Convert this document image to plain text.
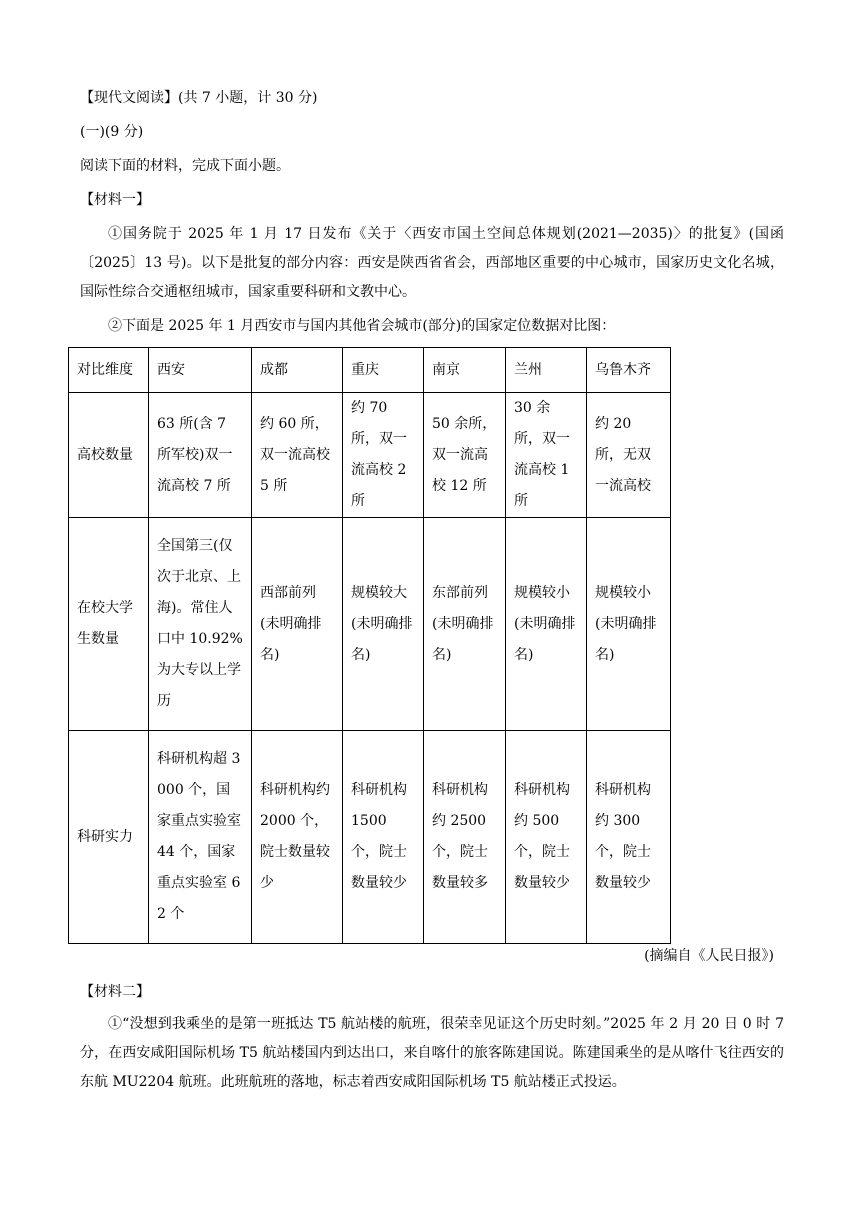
【现代文阅读】(共 7 小题，计 30 分)
(一)(9 分)
阅读下面的材料，完成下面小题。
【材料一】
①国务院于 2025 年 1 月 17 日发布《关于〈西安市国土空间总体规划(2021—2035)〉的批复》(国函〔2025〕13 号)。以下是批复的部分内容：西安是陕西省省会，西部地区重要的中心城市，国家历史文化名城，国际性综合交通枢纽城市，国家重要科研和文教中心。
②下面是 2025 年 1 月西安市与国内其他省会城市(部分)的国家定位数据对比图：
对比维度	西安	成都	重庆	南京	兰州	乌鲁木齐
高校数量	63 所(含 7 所军校)双一流高校 7 所	约 60 所，双一流高校 5 所	约 70 所，双一流高校 2 所	50 余所，双一流高校 12 所	30 余所，双一流高校 1 所	约 20 所，无双一流高校
在校大学生数量	全国第三(仅次于北京、上海)。常住人口中 10.92%为大专以上学历	西部前列(未明确排名)	规模较大(未明确排名)	东部前列(未明确排名)	规模较小(未明确排名)	规模较小(未明确排名)
科研实力	科研机构超 3000 个，国家重点实验室 44 个，国家重点实验室 62 个	科研机构约 2000 个，院士数量较少	科研机构 1500 个，院士数量较少	科研机构约 2500 个，院士数量较多	科研机构约 500 个，院士数量较少	科研机构约 300 个，院士数量较少
(摘编自《人民日报》)
【材料二】
①“没想到我乘坐的是第一班抵达 T5 航站楼的航班，很荣幸见证这个历史时刻。”2025 年 2 月 20 日 0 时 7 分，在西安咸阳国际机场 T5 航站楼国内到达出口，来自喀什的旅客陈建国说。陈建国乘坐的是从喀什飞往西安的东航 MU2204 航班。此班航班的落地，标志着西安咸阳国际机场 T5 航站楼正式投运。
